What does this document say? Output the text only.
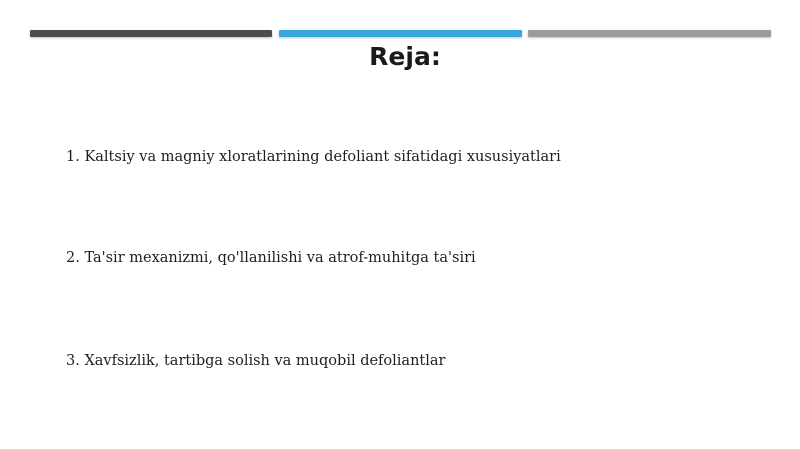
Reja:
1. Kaltsiy va magniy xloratlarining defoliant sifatidagi xususiyatlari
2. Ta'sir mexanizmi, qo'llanilishi va atrof-muhitga ta'siri
3. Xavfsizlik, tartibga solish va muqobil defoliantlar
